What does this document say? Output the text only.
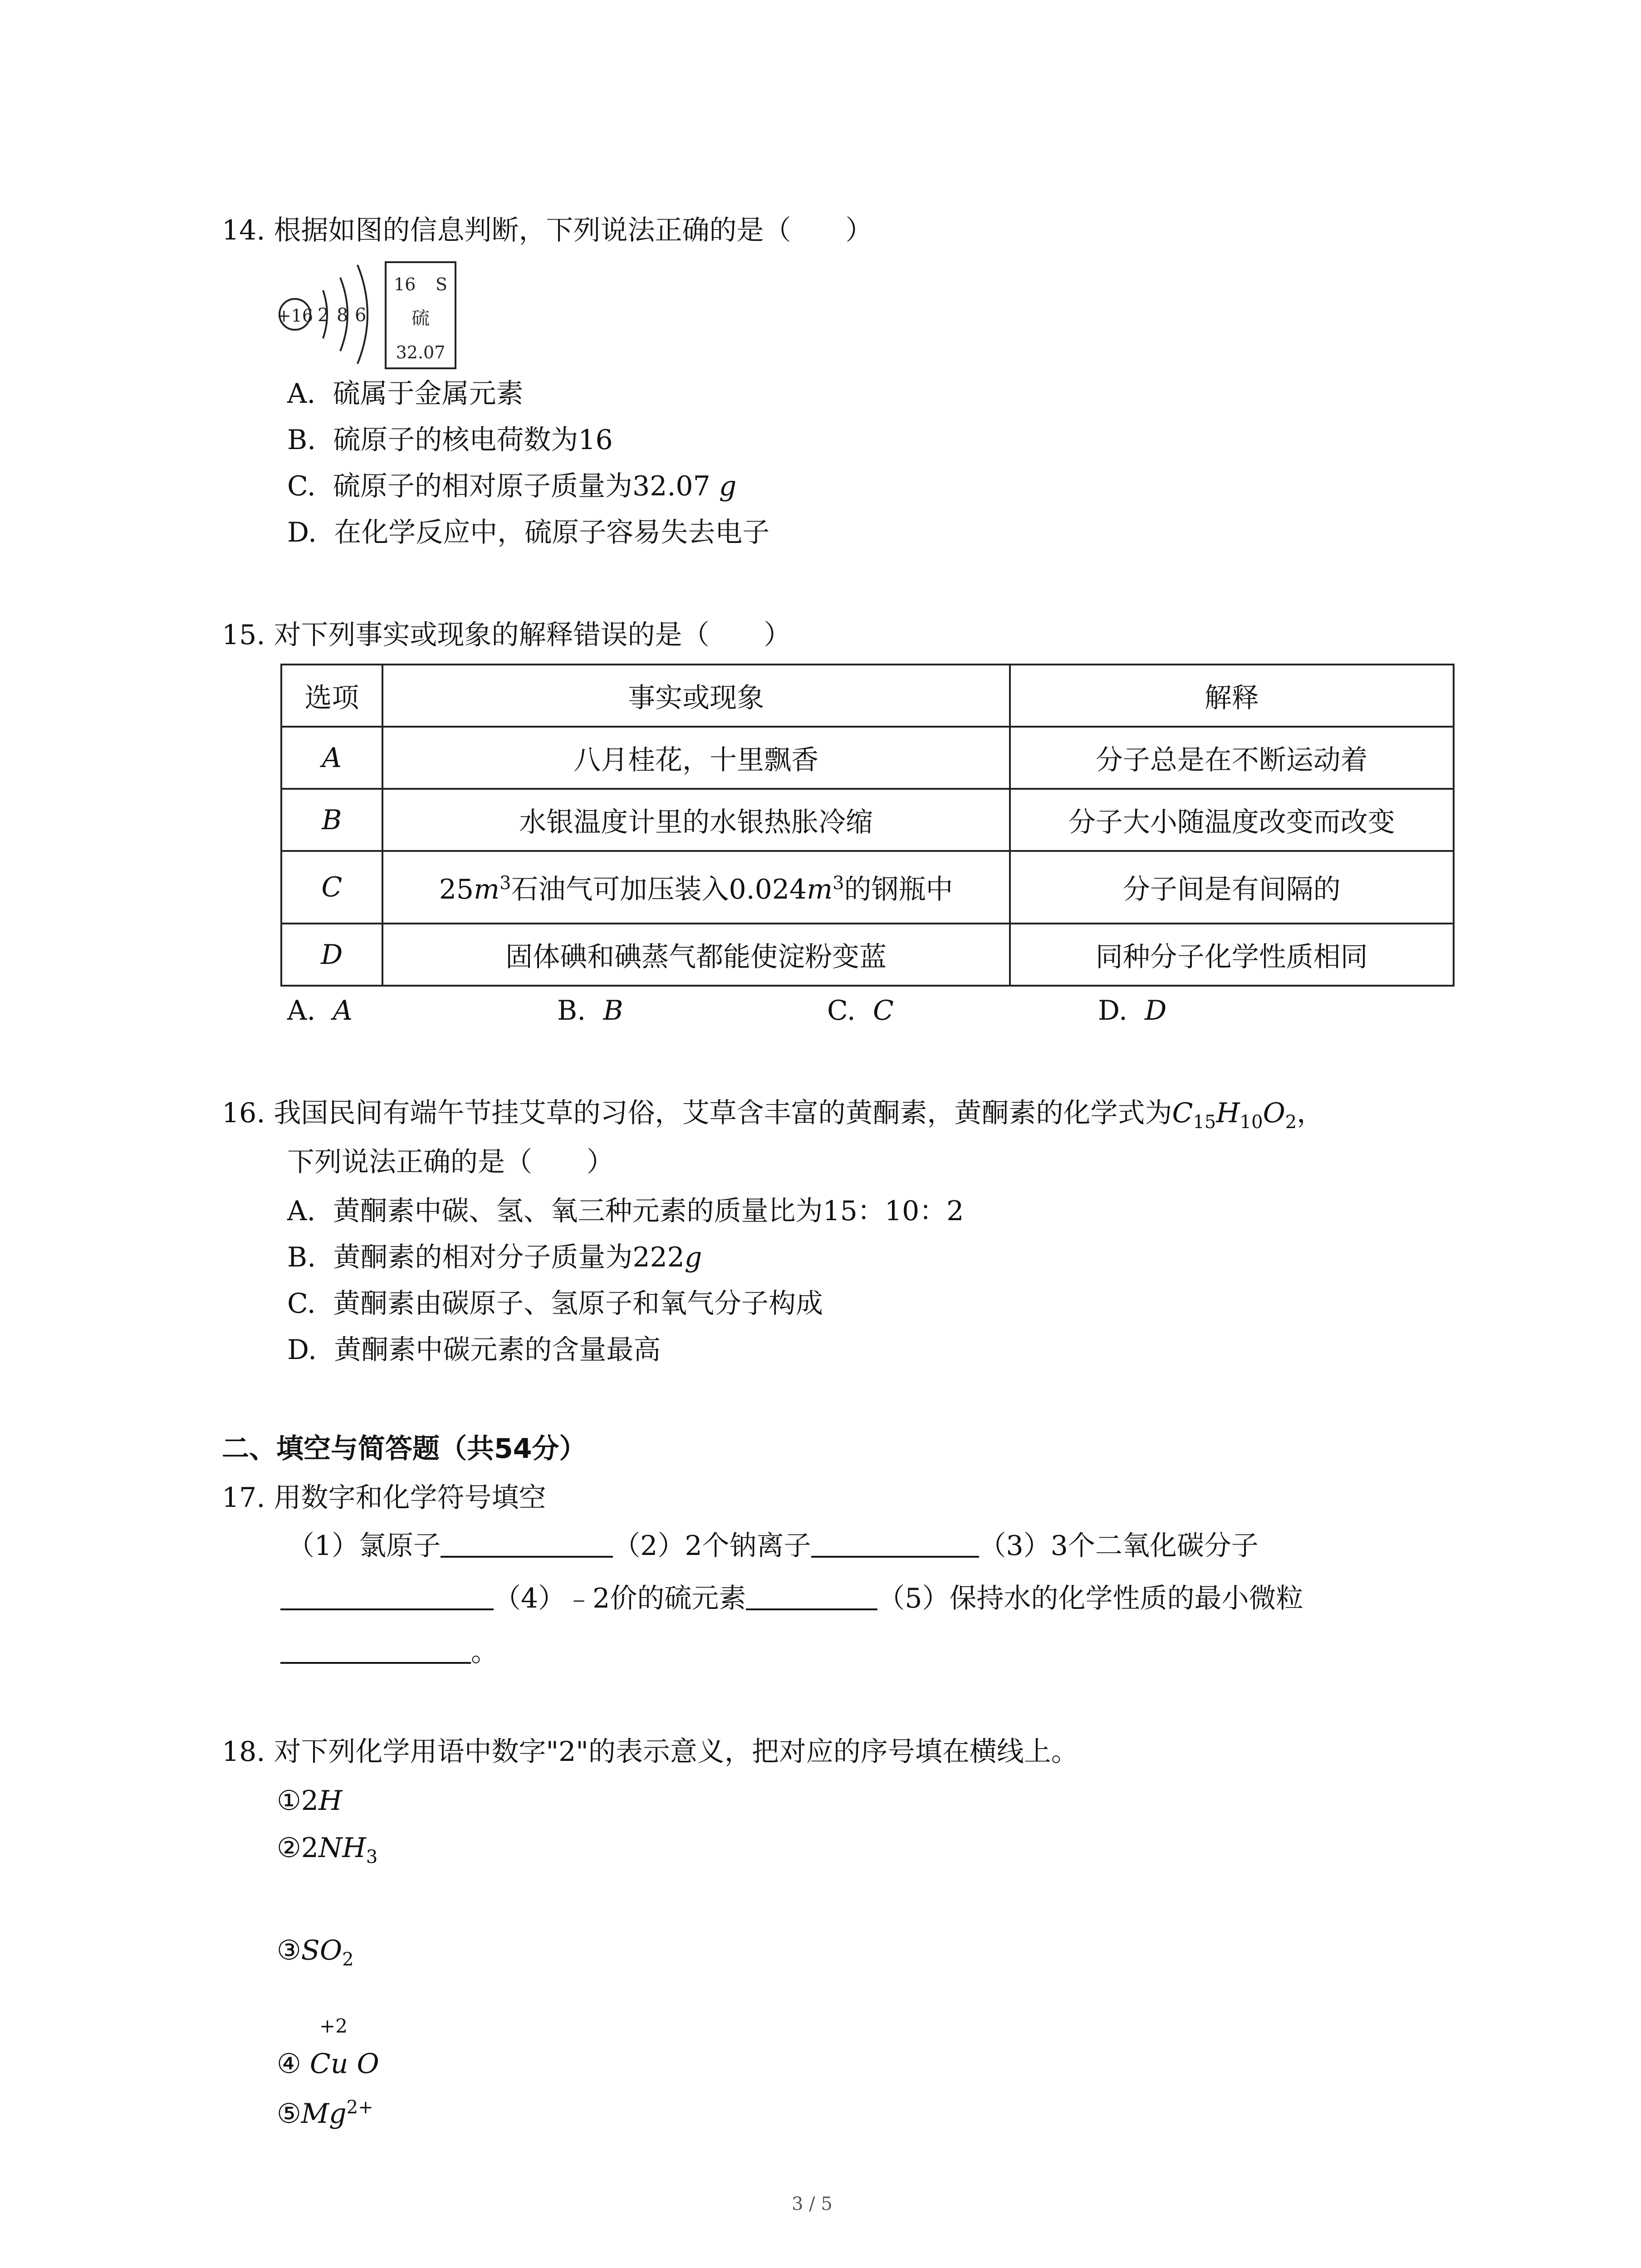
14. 根据如图的信息判断，下列说法正确的是（　　）
+16 2 8 6
16 S
硫
32.07
A. 硫属于金属元素
B. 硫原子的核电荷数为16
C. 硫原子的相对原子质量为32.07 g
D. 在化学反应中，硫原子容易失去电子
15. 对下列事实或现象的解释错误的是（　　）
选项	事实或现象	解释
A	八月桂花，十里飘香	分子总是在不断运动着
B	水银温度计里的水银热胀冷缩	分子大小随温度改变而改变
C	$25m^3$石油气可加压装入$0.024m^3$的钢瓶中	分子间是有间隔的
D	固体碘和碘蒸气都能使淀粉变蓝	同种分子化学性质相同
A. A	B. B	C. C	D. D
16. 我国民间有端午节挂艾草的习俗，艾草含丰富的黄酮素，黄酮素的化学式为$C_{15}H_{10}O_2$，
下列说法正确的是（　　）
A. 黄酮素中碳、氢、氧三种元素的质量比为15：10：2
B. 黄酮素的相对分子质量为222g
C. 黄酮素由碳原子、氢原子和氧气分子构成
D. 黄酮素中碳元素的含量最高
二、填空与简答题（共54分）
17. 用数字和化学符号填空
（1）氯原子	（2）2个钠离子	（3）3个二氧化碳分子
（4）﹣2价的硫元素	（5）保持水的化学性质的最小微粒
。
18. 对下列化学用语中数字"2"的表示意义，把对应的序号填在横线上。
①2H
$②2NH_3$
$③SO_2$
+2
④ Cu O
$⑤Mg^{2+}$
3 / 5
